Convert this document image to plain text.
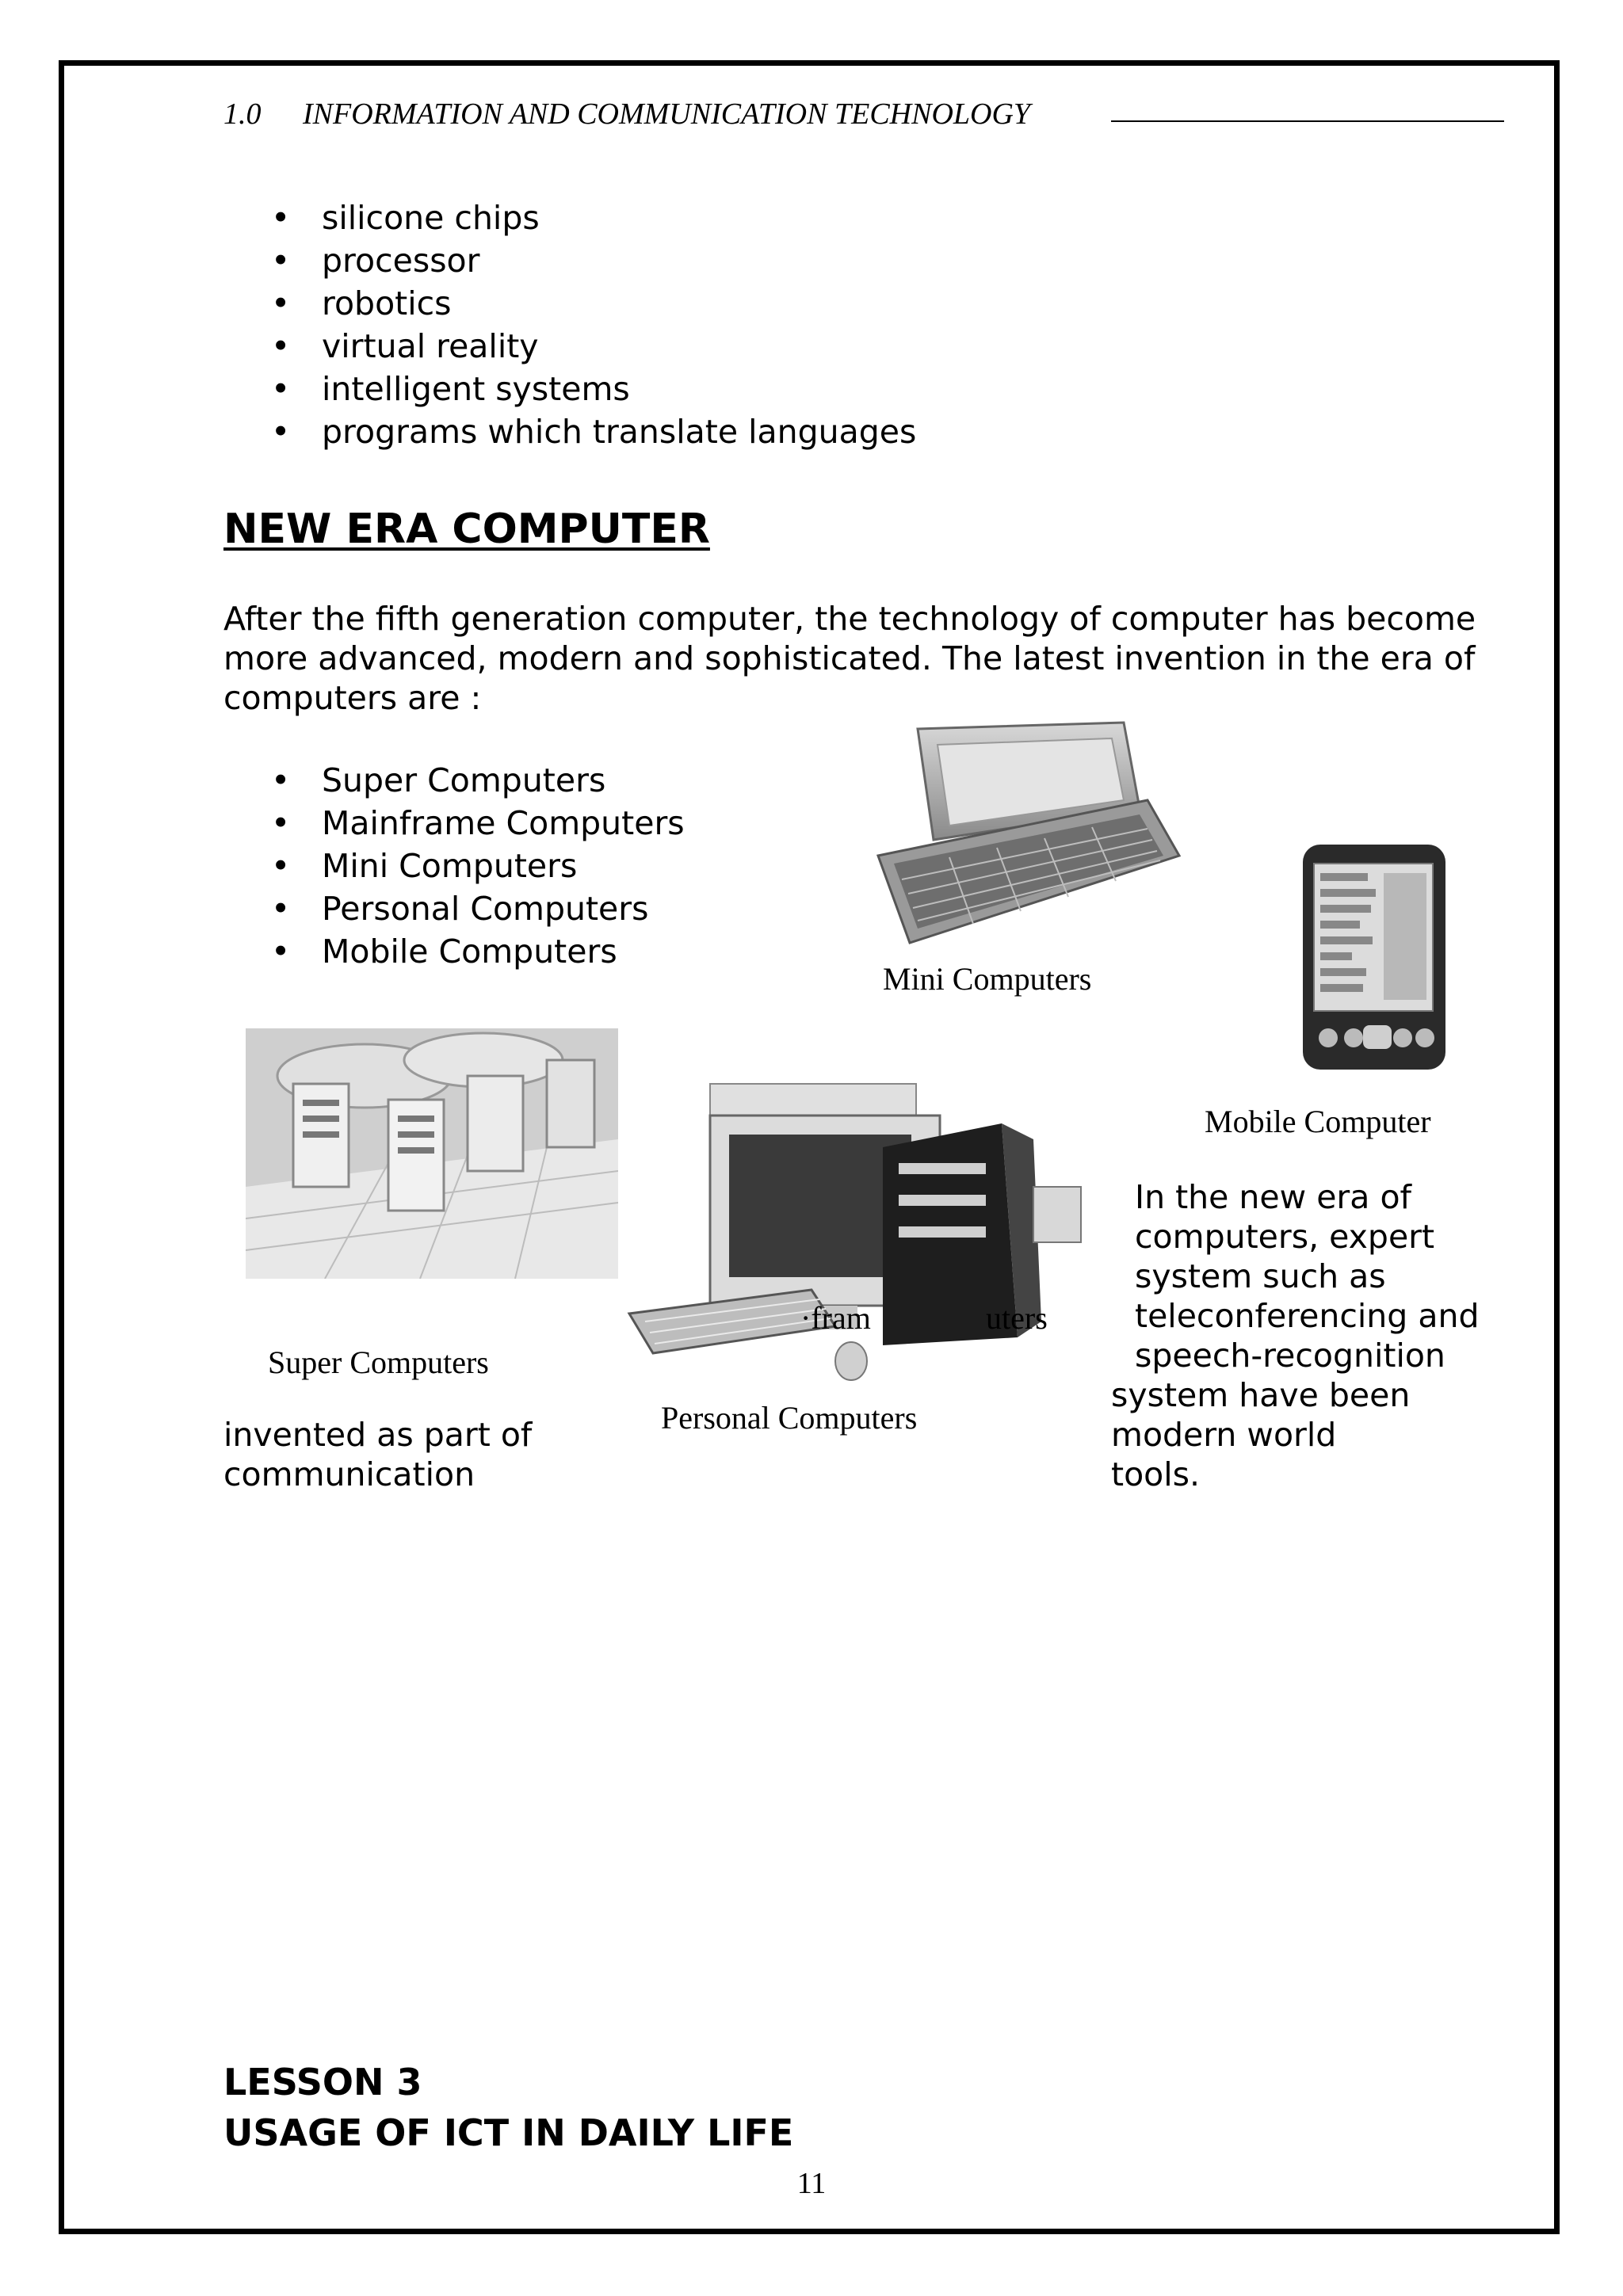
1.0 INFORMATION AND COMMUNICATION TECHNOLOGY
• silicone chips
• processor
• robotics
• virtual reality
• intelligent systems
• programs which translate languages
NEW ERA COMPUTER
After the fifth generation computer, the technology of computer has become
more advanced, modern and sophisticated. The latest invention in the era of
computers are :
• Super Computers
• Mainframe Computers
• Mini Computers
• Personal Computers
• Mobile Computers
Mini Computers
Mobile Computer
Super Computers
Personal Computers
·fram	uters
In the new era of
computers, expert
system such as
teleconferencing and
speech-recognition
system have been
modern world
tools.
invented as part of
communication
LESSON 3
USAGE OF ICT IN DAILY LIFE
11
